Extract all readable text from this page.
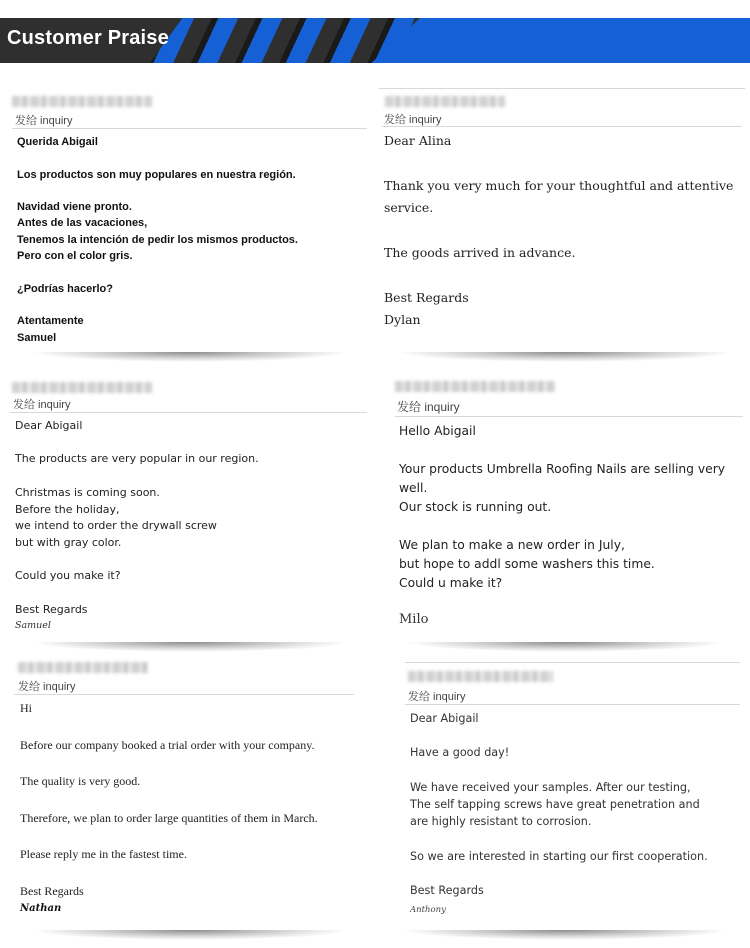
Customer Praise
发给 inquiry
Querida Abigail

Los productos son muy populares en nuestra región.

Navidad viene pronto.
Antes de las vacaciones,
Tenemos la intención de pedir los mismos productos.
Pero con el color gris.

¿Podrías hacerlo?

Atentamente
Samuel
发给 inquiry
Dear Alina

Thank you very much for your thoughtful and attentive service.

The goods arrived in advance.

Best Regards
Dylan
发给 inquiry
Dear Abigail

The products are very popular in our region.

Christmas is coming soon.
Before the holiday,
we intend to order the drywall screw
but with gray color.

Could you make it?

Best Regards
Samuel
发给 inquiry
Hello Abigail

Your products Umbrella Roofing Nails are selling very well.
Our stock is running out.

We plan to make a new order in July,
but hope to addl some washers this time.
Could u make it?
Milo
发给 inquiry
Hi

Before our company booked a trial order with your company.

The quality is very good.

Therefore, we plan to order large quantities of them in March.

Please reply me in the fastest time.

Best Regards
Nathan
发给 inquiry
Dear Abigail

Have a good day!

We have received your samples. After our testing,
The self tapping screws have great penetration and
are highly resistant to corrosion.

So we are interested in starting our first cooperation.

Best Regards
Anthony
